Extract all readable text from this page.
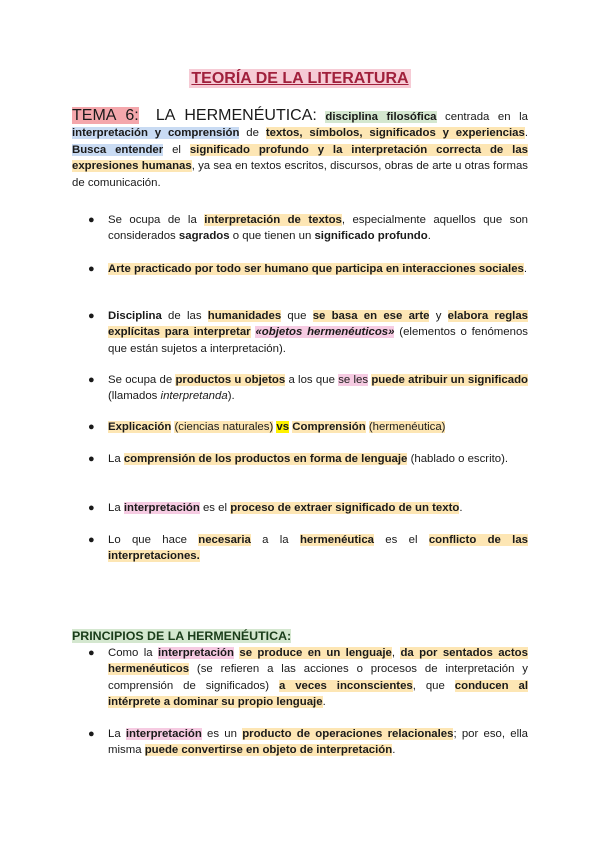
TEORÍA DE LA LITERATURA
TEMA 6: LA HERMENÉUTICA: disciplina filosófica centrada en la interpretación y comprensión de textos, símbolos, significados y experiencias. Busca entender el significado profundo y la interpretación correcta de las expresiones humanas, ya sea en textos escritos, discursos, obras de arte u otras formas de comunicación.
● Se ocupa de la interpretación de textos, especialmente aquellos que son considerados sagrados o que tienen un significado profundo.
● Arte practicado por todo ser humano que participa en interacciones sociales.
● Disciplina de las humanidades que se basa en ese arte y elabora reglas explícitas para interpretar «objetos hermenéuticos» (elementos o fenómenos que están sujetos a interpretación).
● Se ocupa de productos u objetos a los que se les puede atribuir un significado (llamados interpretanda).
● Explicación (ciencias naturales) vs Comprensión (hermenéutica)
● La comprensión de los productos en forma de lenguaje (hablado o escrito).
● La interpretación es el proceso de extraer significado de un texto.
● Lo que hace necesaria a la hermenéutica es el conflicto de las interpretaciones.
PRINCIPIOS DE LA HERMENÉUTICA:
● Como la interpretación se produce en un lenguaje, da por sentados actos hermenéuticos (se refieren a las acciones o procesos de interpretación y comprensión de significados) a veces inconscientes, que conducen al intérprete a dominar su propio lenguaje.
● La interpretación es un producto de operaciones relacionales; por eso, ella misma puede convertirse en objeto de interpretación.
